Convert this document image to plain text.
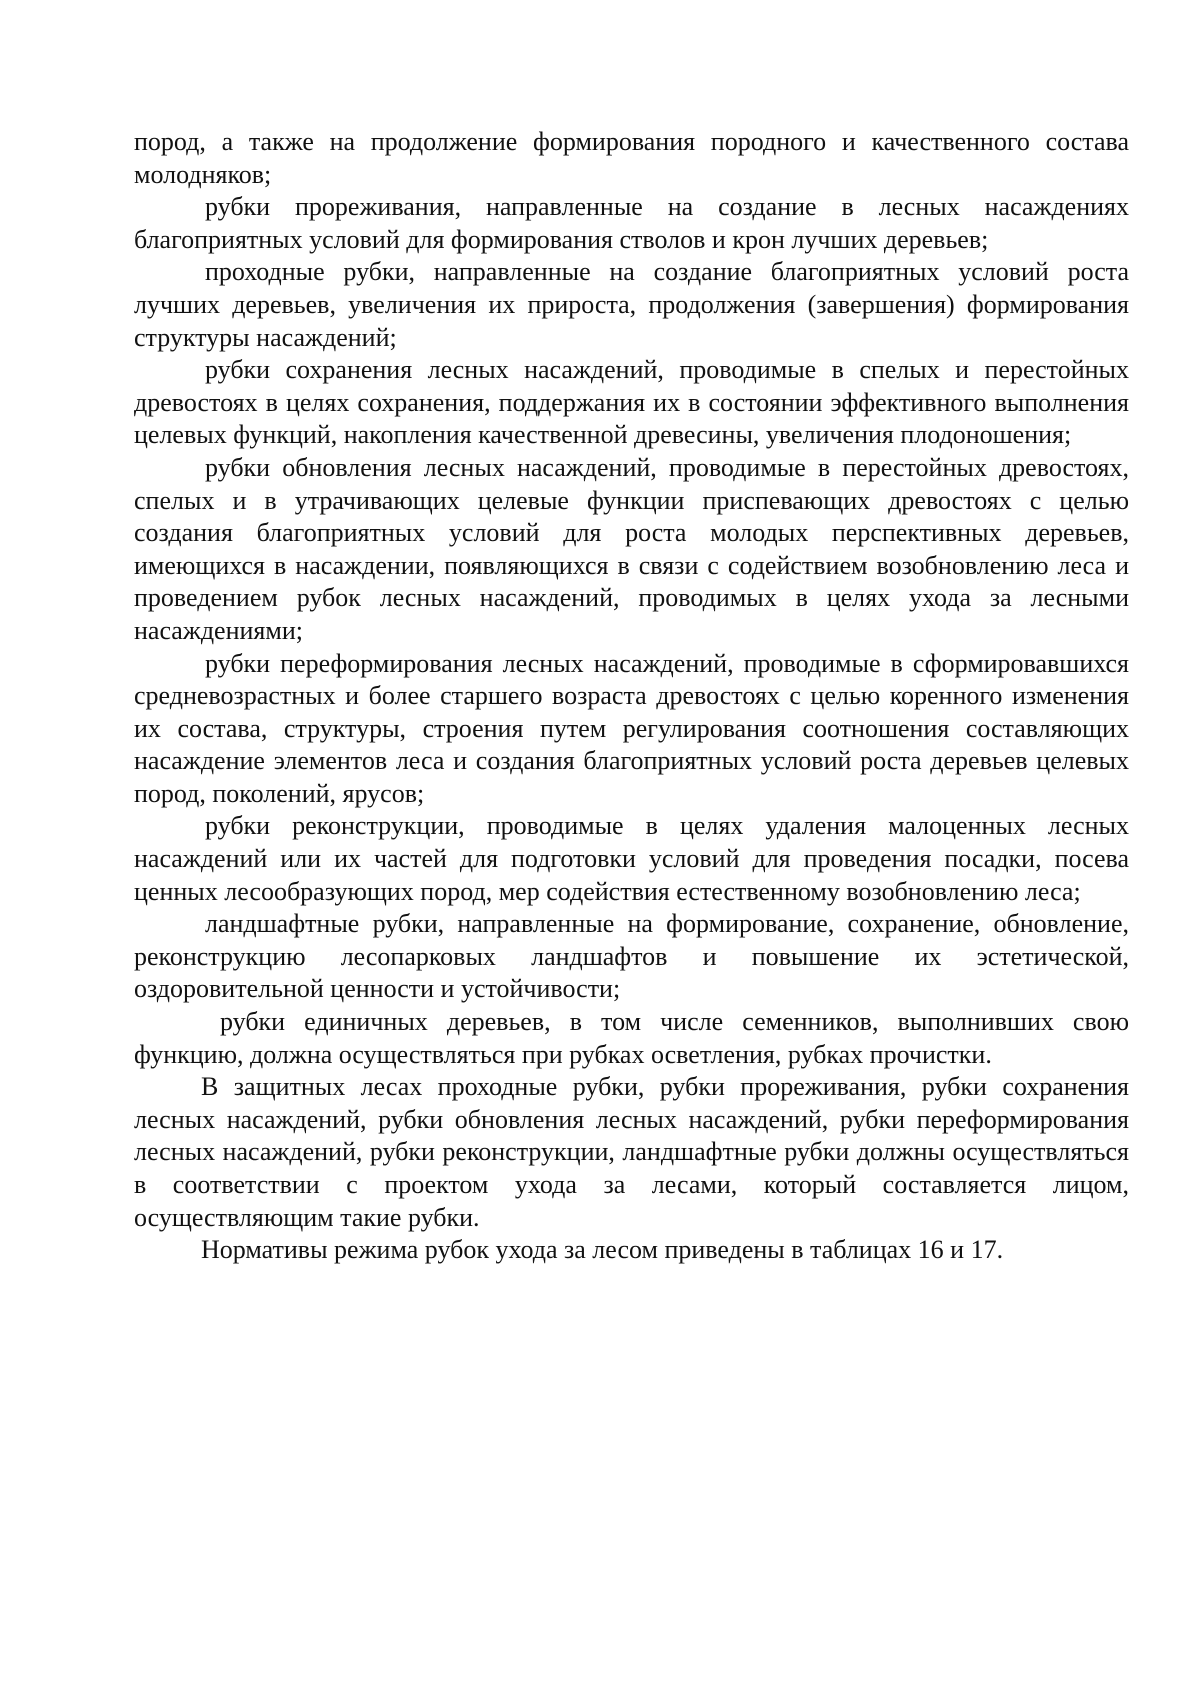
пород, а также на продолжение формирования породного и качественного состава молодняков;

рубки прореживания, направленные на создание в лесных насаждениях благоприятных условий для формирования стволов и крон лучших деревьев;

проходные рубки, направленные на создание благоприятных условий роста лучших деревьев, увеличения их прироста, продолжения (завершения) формирования структуры насаждений;

рубки сохранения лесных насаждений, проводимые в спелых и перестойных древостоях в целях сохранения, поддержания их в состоянии эффективного выполнения целевых функций, накопления качественной древесины, увеличения плодоношения;

рубки обновления лесных насаждений, проводимые в перестойных древостоях, спелых и в утрачивающих целевые функции приспевающих древостоях с целью создания благоприятных условий для роста молодых перспективных деревьев, имеющихся в насаждении, появляющихся в связи с содействием возобновлению леса и проведением рубок лесных насаждений, проводимых в целях ухода за лесными насаждениями;

рубки переформирования лесных насаждений, проводимые в сформировавшихся средневозрастных и более старшего возраста древостоях с целью коренного изменения их состава, структуры, строения путем регулирования соотношения составляющих насаждение элементов леса и создания благоприятных условий роста деревьев целевых пород, поколений, ярусов;

рубки реконструкции, проводимые в целях удаления малоценных лесных насаждений или их частей для подготовки условий для проведения посадки, посева ценных лесообразующих пород, мер содействия естественному возобновлению леса;

ландшафтные рубки, направленные на формирование, сохранение, обновление, реконструкцию лесопарковых ландшафтов и повышение их эстетической, оздоровительной ценности и устойчивости;

рубки единичных деревьев, в том числе семенников, выполнивших свою функцию, должна осуществляться при рубках осветления, рубках прочистки.

В защитных лесах проходные рубки, рубки прореживания, рубки сохранения лесных насаждений, рубки обновления лесных насаждений, рубки переформирования лесных насаждений, рубки реконструкции, ландшафтные рубки должны осуществляться в соответствии с проектом ухода за лесами, который составляется лицом, осуществляющим такие рубки.

Нормативы режима рубок ухода за лесом приведены в таблицах 16 и 17.
